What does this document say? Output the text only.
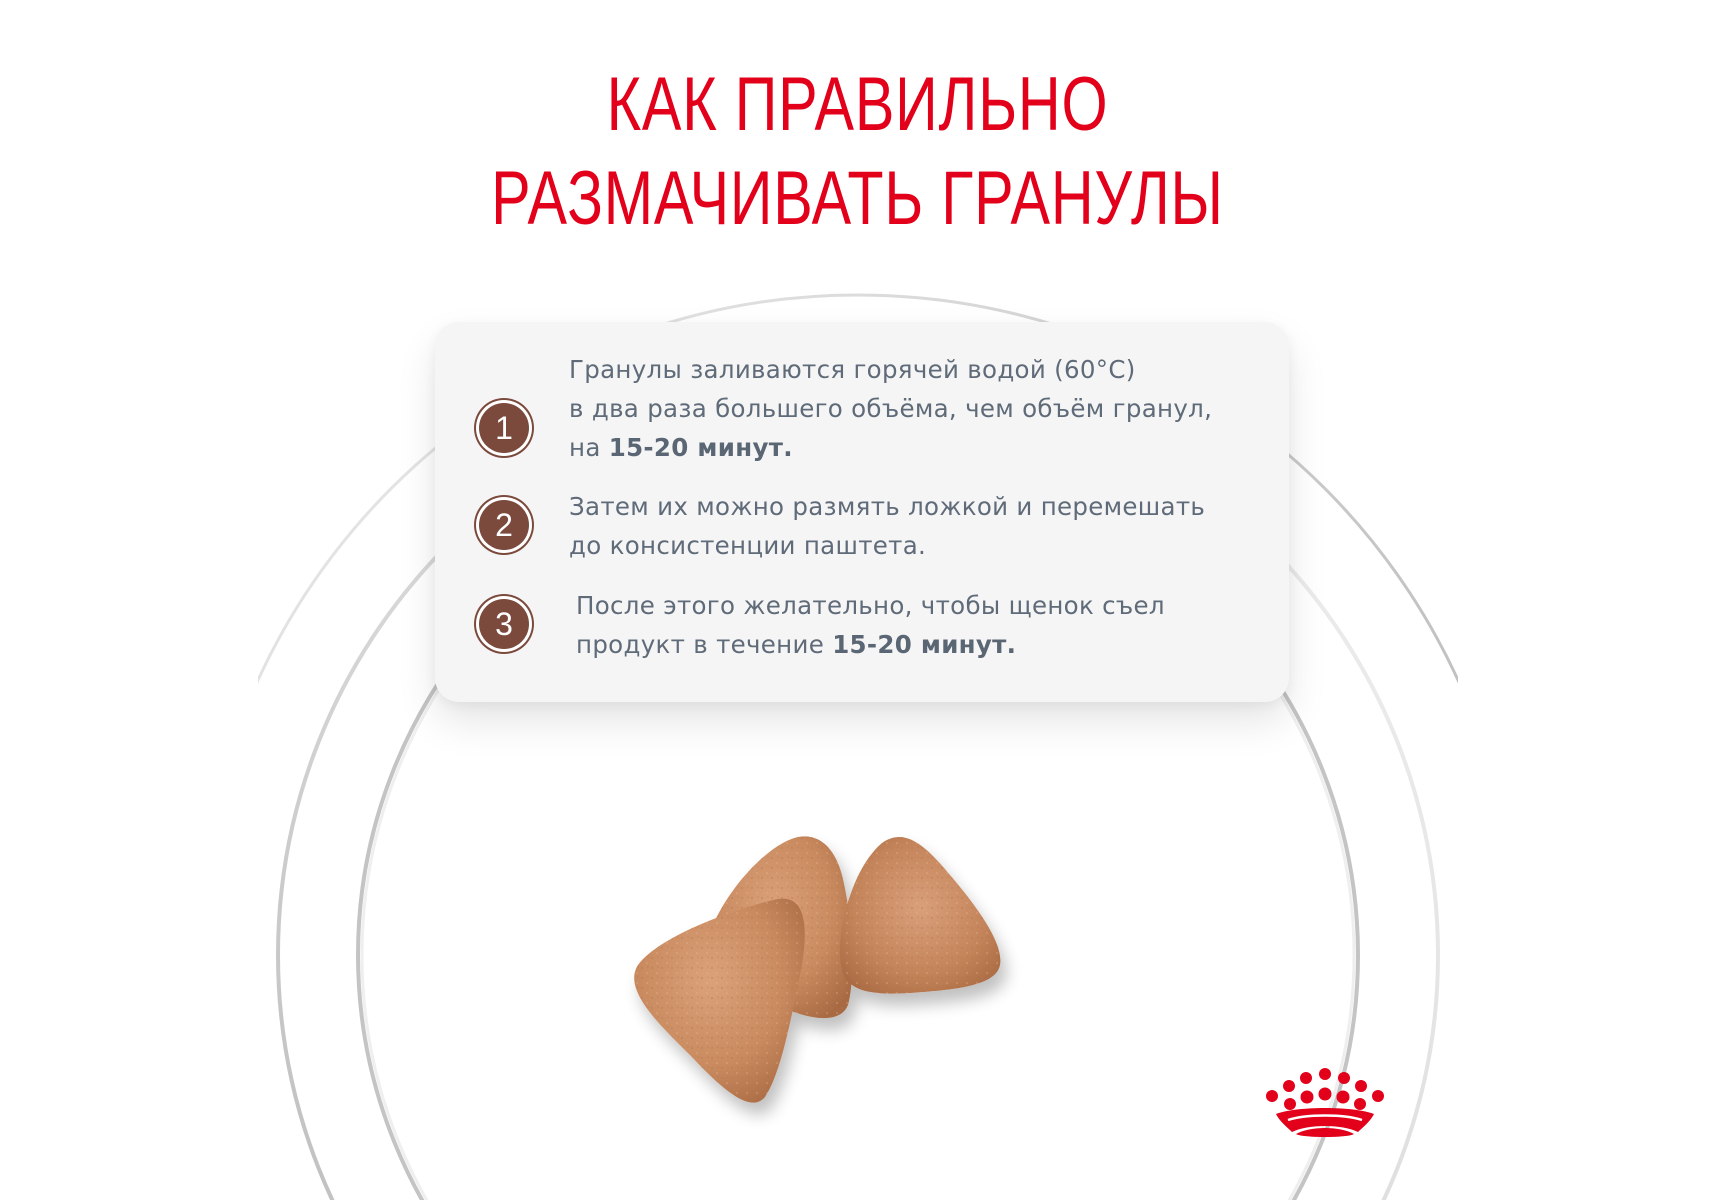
КАК ПРАВИЛЬНО
РАЗМАЧИВАТЬ ГРАНУЛЫ
1
Гранулы заливаются горячей водой (60°C)
в два раза большего объёма, чем объём гранул,
на 15-20 минут.
2
Затем их можно размять ложкой и перемешать
до консистенции паштета.
3
После этого желательно, чтобы щенок съел
продукт в течение 15-20 минут.
